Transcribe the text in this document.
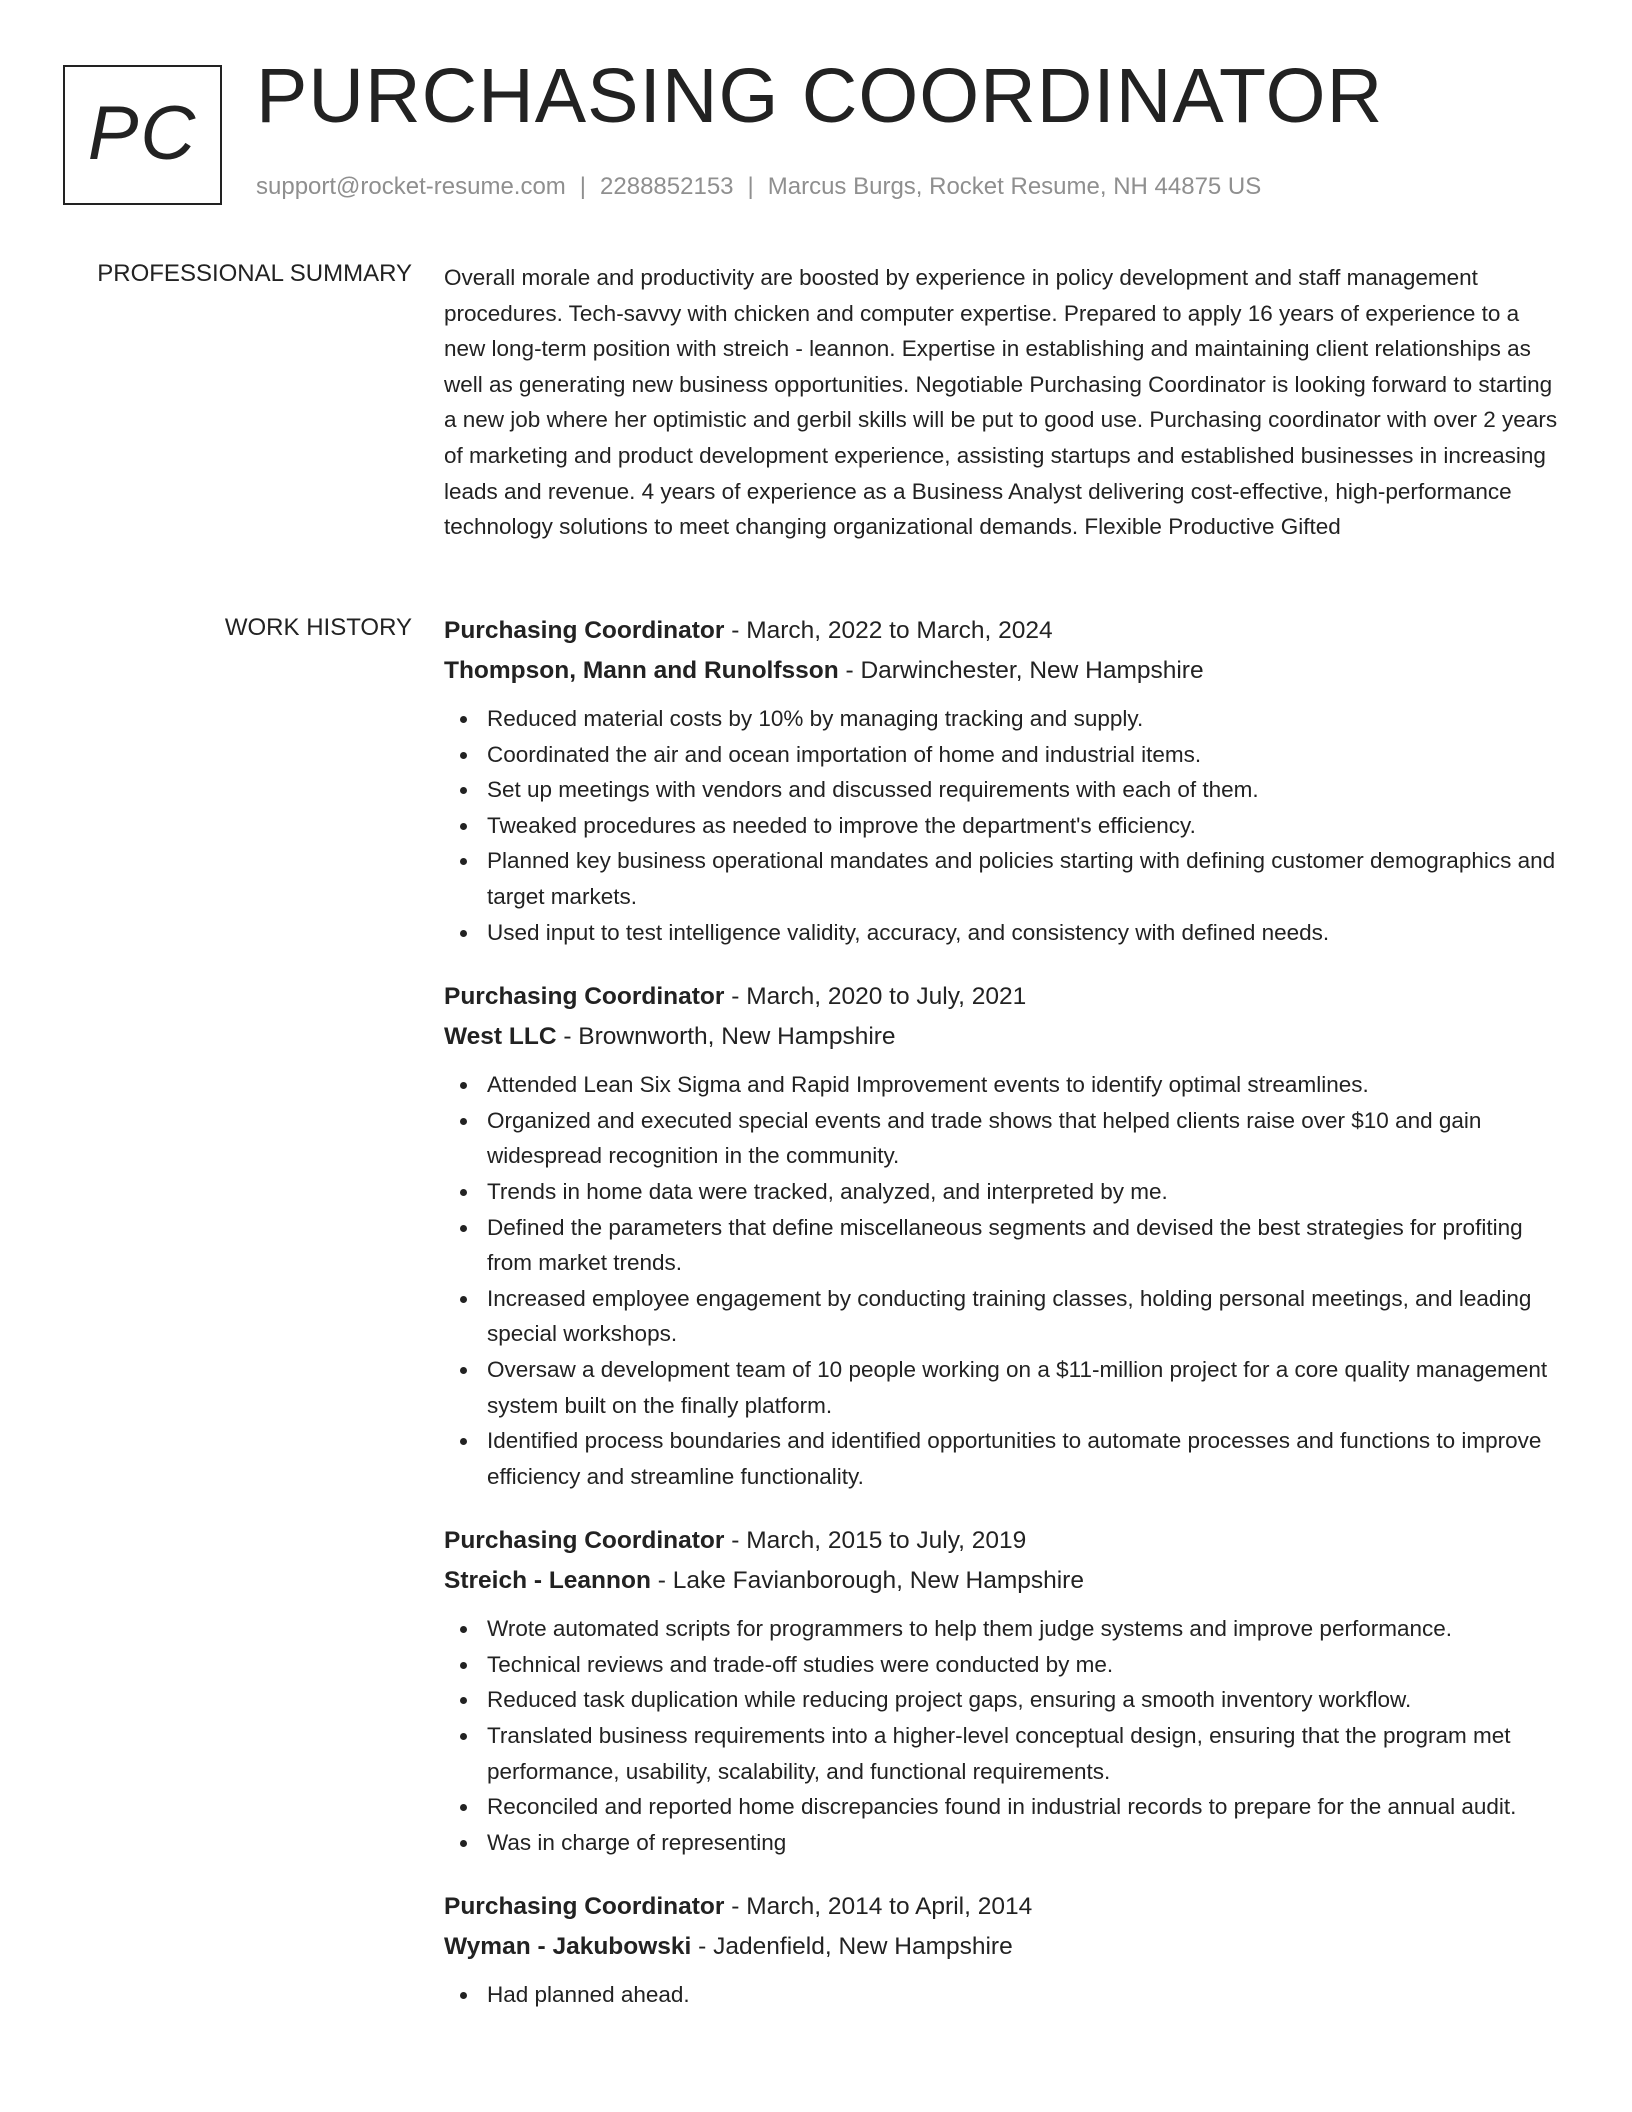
PC PURCHASING COORDINATOR
support@rocket-resume.com | 2288852153 | Marcus Burgs, Rocket Resume, NH 44875 US
PROFESSIONAL SUMMARY Overall morale and productivity are boosted by experience in policy development and staff management procedures. Tech-savvy with chicken and computer expertise. Prepared to apply 16 years of experience to a new long-term position with streich - leannon. Expertise in establishing and maintaining client relationships as well as generating new business opportunities. Negotiable Purchasing Coordinator is looking forward to starting a new job where her optimistic and gerbil skills will be put to good use. Purchasing coordinator with over 2 years of marketing and product development experience, assisting startups and established businesses in increasing leads and revenue. 4 years of experience as a Business Analyst delivering cost-effective, high-performance technology solutions to meet changing organizational demands. Flexible Productive Gifted
WORK HISTORY Purchasing Coordinator - March, 2022 to March, 2024
Thompson, Mann and Runolfsson - Darwinchester, New Hampshire
Reduced material costs by 10% by managing tracking and supply.
Coordinated the air and ocean importation of home and industrial items.
Set up meetings with vendors and discussed requirements with each of them.
Tweaked procedures as needed to improve the department's efficiency.
Planned key business operational mandates and policies starting with defining customer demographics and target markets.
Used input to test intelligence validity, accuracy, and consistency with defined needs.
Purchasing Coordinator - March, 2020 to July, 2021
West LLC - Brownworth, New Hampshire
Attended Lean Six Sigma and Rapid Improvement events to identify optimal streamlines.
Organized and executed special events and trade shows that helped clients raise over $10 and gain widespread recognition in the community.
Trends in home data were tracked, analyzed, and interpreted by me.
Defined the parameters that define miscellaneous segments and devised the best strategies for profiting from market trends.
Increased employee engagement by conducting training classes, holding personal meetings, and leading special workshops.
Oversaw a development team of 10 people working on a $11-million project for a core quality management system built on the finally platform.
Identified process boundaries and identified opportunities to automate processes and functions to improve efficiency and streamline functionality.
Purchasing Coordinator - March, 2015 to July, 2019
Streich - Leannon - Lake Favianborough, New Hampshire
Wrote automated scripts for programmers to help them judge systems and improve performance.
Technical reviews and trade-off studies were conducted by me.
Reduced task duplication while reducing project gaps, ensuring a smooth inventory workflow.
Translated business requirements into a higher-level conceptual design, ensuring that the program met performance, usability, scalability, and functional requirements.
Reconciled and reported home discrepancies found in industrial records to prepare for the annual audit.
Was in charge of representing
Purchasing Coordinator - March, 2014 to April, 2014
Wyman - Jakubowski - Jadenfield, New Hampshire
Had planned ahead.
